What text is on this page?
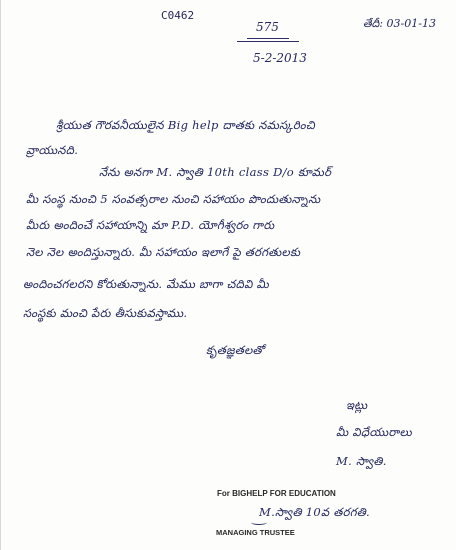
C0462
575
5-2-2013
తేదీ: 03-01-13
శ్రీయుత గౌరవనీయులైన Big help దాతకు నమస్కరించి
వ్రాయునది.
నేను అనగా M. స్వాతి 10th class D/o కూమర్
మీ సంస్థ నుంచి 5 సంవత్సరాల నుంచి సహాయం పొందుతున్నాను
మీరు అందించే సహాయాన్ని మా P.D. యోగీశ్వరం గారు
నెల నెల అందిస్తున్నారు. మీ సహాయం ఇలాగే పై తరగతులకు
అందించగలరని కోరుతున్నాను. మేము బాగా చదివి మీ
సంస్థకు మంచి పేరు తీసుకువస్తాము.
కృతజ్ఞతలతో
ఇట్లు
మీ విధేయురాలు
M. స్వాతి.
For BIGHELP FOR EDUCATION
M.స్వాతి 10వ తరగతి.
MANAGING TRUSTEE
